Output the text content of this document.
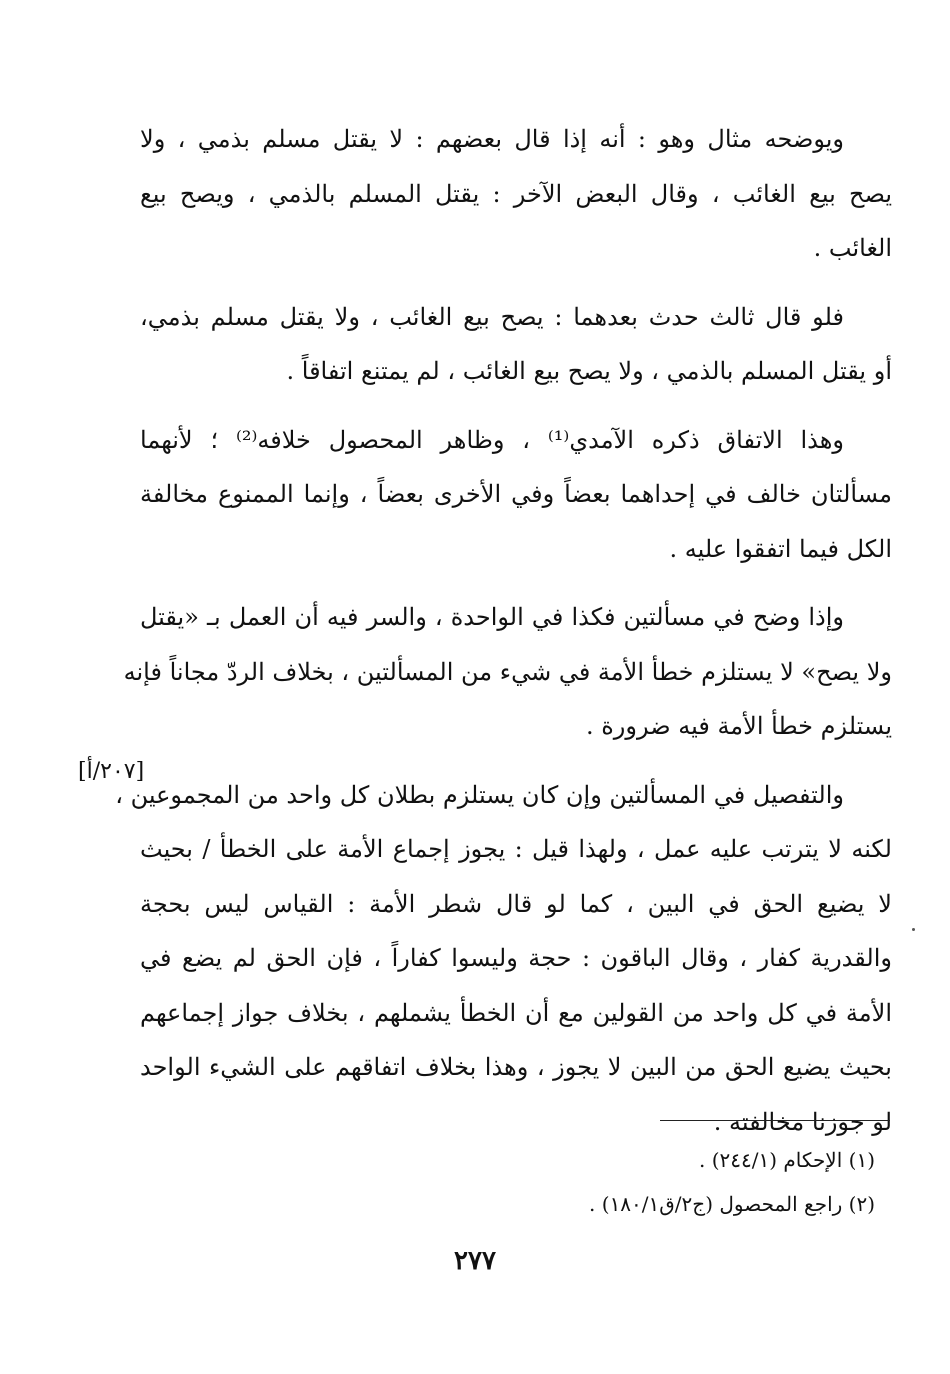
ويوضحه مثال وهو : أنه إذا قال بعضهم : لا يقتل مسلم بذمي ، ولا
يصح بيع الغائب ، وقال البعض الآخر : يقتل المسلم بالذمي ، ويصح بيع
الغائب .
فلو قال ثالث حدث بعدهما : يصح بيع الغائب ، ولا يقتل مسلم بذمي،
أو يقتل المسلم بالذمي ، ولا يصح بيع الغائب ، لم يمتنع اتفاقاً .
وهذا الاتفاق ذكره الآمدي⁽¹⁾ ، وظاهر المحصول خلافه⁽²⁾ ؛ لأنهما
مسألتان خالف في إحداهما بعضاً وفي الأخرى بعضاً ، وإنما الممنوع مخالفة
الكل فيما اتفقوا عليه .
وإذا وضح في مسألتين فكذا في الواحدة ، والسر فيه أن العمل بـ «يقتل
ولا يصح» لا يستلزم خطأ الأمة في شيء من المسألتين ، بخلاف الردّ مجاناً فإنه
يستلزم خطأ الأمة فيه ضرورة .
والتفصيل في المسألتين وإن كان يستلزم بطلان كل واحد من المجموعين ،
لكنه لا يترتب عليه عمل ، ولهذا قيل : يجوز إجماع الأمة على الخطأ / بحيث
لا يضيع الحق في البين ، كما لو قال شطر الأمة : القياس ليس بحجة
والقدرية كفار ، وقال الباقون : حجة وليسوا كفاراً ، فإن الحق لم يضع في
الأمة في كل واحد من القولين مع أن الخطأ يشملهم ، بخلاف جواز إجماعهم
بحيث يضيع الحق من البين لا يجوز ، وهذا بخلاف اتفاقهم على الشيء الواحد
لو جوزنا مخالفته .
[٢٠٧/أ]
(١) الإحكام (٢٤٤/١) .
(٢) راجع المحصول (ج٢/ق١٨٠/١) .
٢٧٧
